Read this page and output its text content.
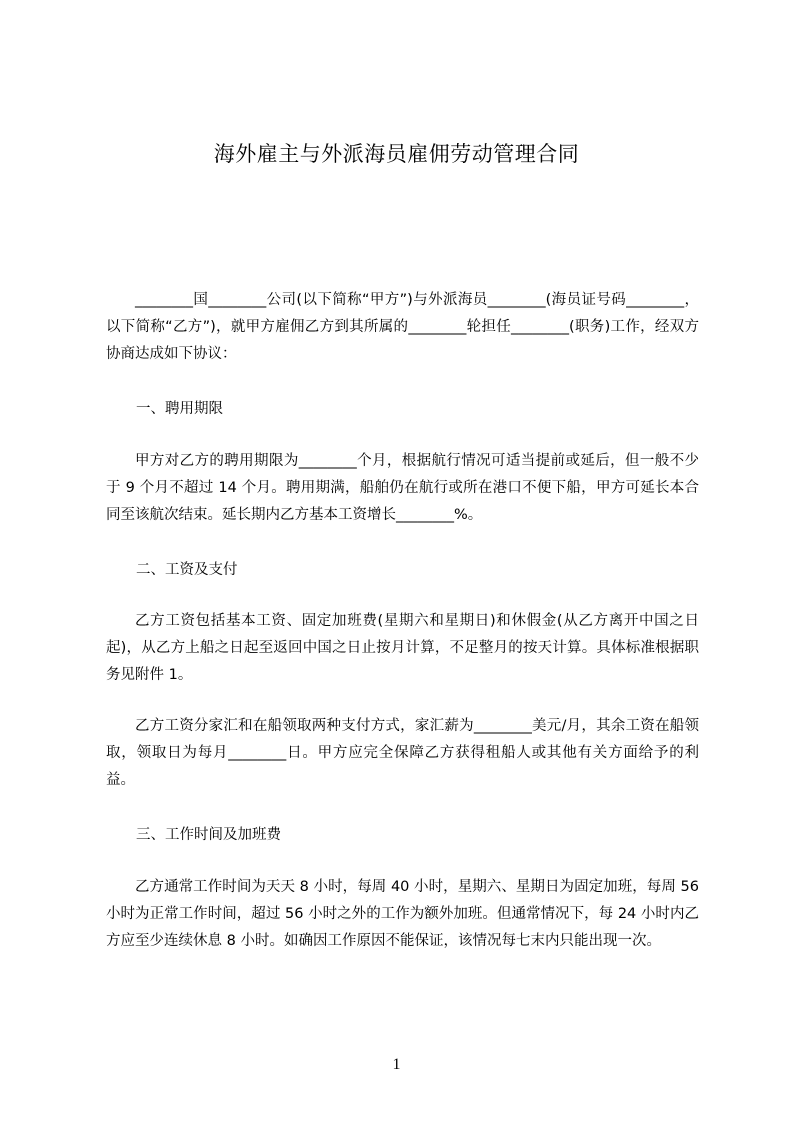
海外雇主与外派海员雇佣劳动管理合同

________国________公司(以下简称“甲方”)与外派海员________(海员证号码________，以下简称“乙方”)，就甲方雇佣乙方到其所属的________轮担任________(职务)工作，经双方协商达成如下协议：

一、聘用期限

甲方对乙方的聘用期限为________个月，根据航行情况可适当提前或延后，但一般不少于 9 个月不超过 14 个月。聘用期满，船舶仍在航行或所在港口不便下船，甲方可延长本合同至该航次结束。延长期内乙方基本工资增长________%。

二、工资及支付

乙方工资包括基本工资、固定加班费(星期六和星期日)和休假金(从乙方离开中国之日起)，从乙方上船之日起至返回中国之日止按月计算，不足整月的按天计算。具体标准根据职务见附件 1。

乙方工资分家汇和在船领取两种支付方式，家汇薪为________美元/月，其余工资在船领取，领取日为每月________日。甲方应完全保障乙方获得租船人或其他有关方面给予的利益。

三、工作时间及加班费

乙方通常工作时间为天天 8 小时，每周 40 小时，星期六、星期日为固定加班，每周 56 小时为正常工作时间，超过 56 小时之外的工作为额外加班。但通常情况下，每 24 小时内乙方应至少连续休息 8 小时。如确因工作原因不能保证，该情况每七末内只能出现一次。

1
